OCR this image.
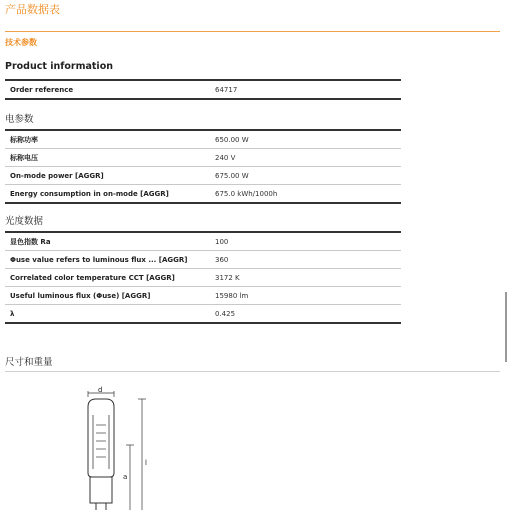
产品数据表
技术参数
Product information
Order reference	64717
电参数
标称功率	650.00 W
标称电压	240 V
On-mode power [AGGR]	675.00 W
Energy consumption in on-mode [AGGR]	675.0 kWh/1000h
光度数据
显色指数 Ra	100
Φuse value refers to luminous flux ... [AGGR]	360
Correlated color temperature CCT [AGGR]	3172 K
Useful luminous flux (Φuse) [AGGR]	15980 lm
λ	0.425
尺寸和重量
d
a
l
